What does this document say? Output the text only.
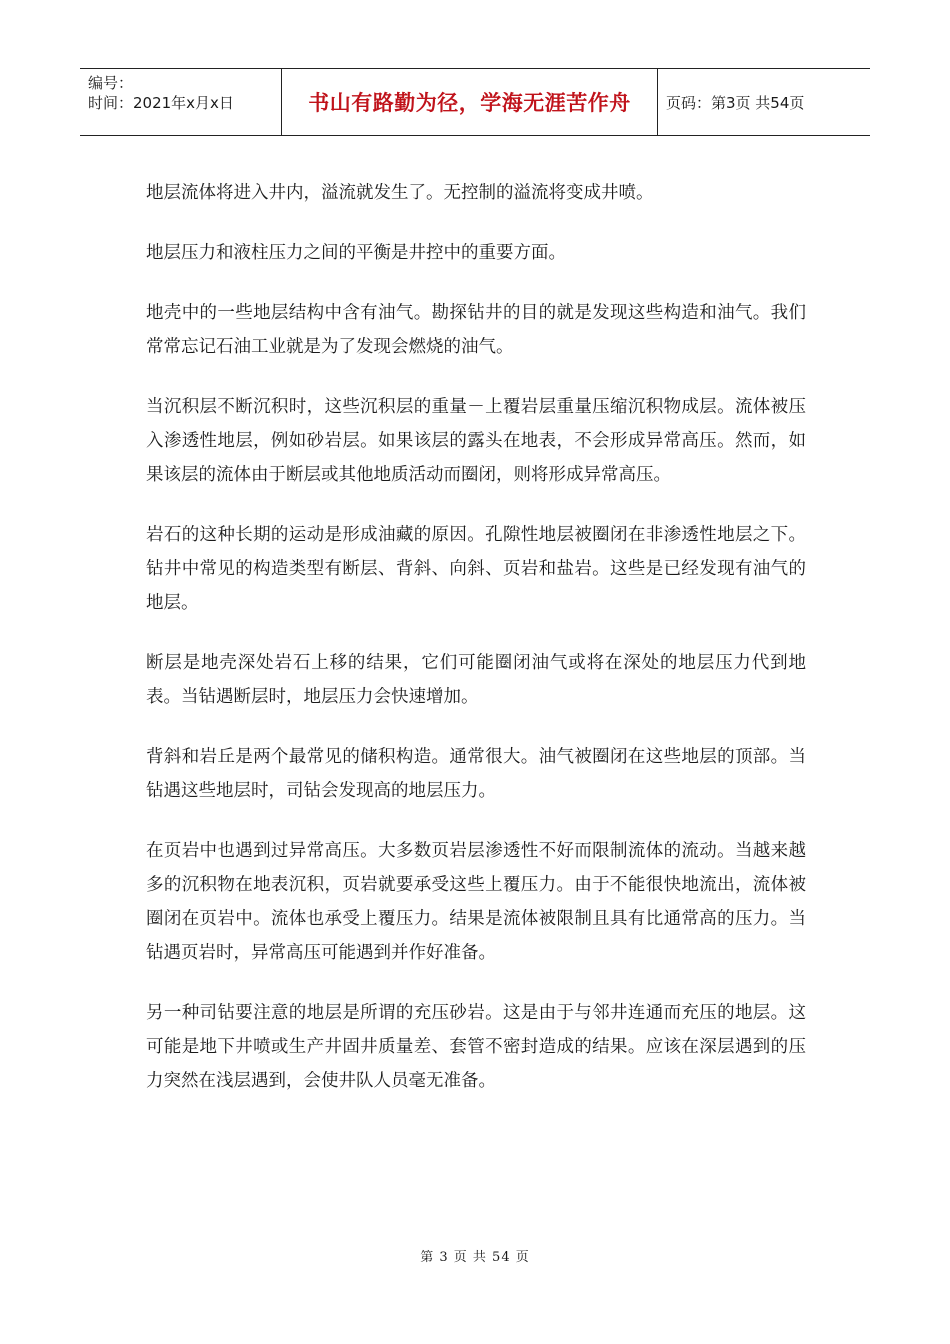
编号：
时间：2021年x月x日	书山有路勤为径，学海无涯苦作舟	页码：第3页 共54页

地层流体将进入井内，溢流就发生了。无控制的溢流将变成井喷。

地层压力和液柱压力之间的平衡是井控中的重要方面。

地壳中的一些地层结构中含有油气。勘探钻井的目的就是发现这些构造和油气。我们常常忘记石油工业就是为了发现会燃烧的油气。

当沉积层不断沉积时，这些沉积层的重量－上覆岩层重量压缩沉积物成层。流体被压入渗透性地层，例如砂岩层。如果该层的露头在地表，不会形成异常高压。然而，如果该层的流体由于断层或其他地质活动而圈闭，则将形成异常高压。

岩石的这种长期的运动是形成油藏的原因。孔隙性地层被圈闭在非渗透性地层之下。钻井中常见的构造类型有断层、背斜、向斜、页岩和盐岩。这些是已经发现有油气的地层。

断层是地壳深处岩石上移的结果，它们可能圈闭油气或将在深处的地层压力代到地表。当钻遇断层时，地层压力会快速增加。

背斜和岩丘是两个最常见的储积构造。通常很大。油气被圈闭在这些地层的顶部。当钻遇这些地层时，司钻会发现高的地层压力。

在页岩中也遇到过异常高压。大多数页岩层渗透性不好而限制流体的流动。当越来越多的沉积物在地表沉积，页岩就要承受这些上覆压力。由于不能很快地流出，流体被圈闭在页岩中。流体也承受上覆压力。结果是流体被限制且具有比通常高的压力。当钻遇页岩时，异常高压可能遇到并作好准备。

另一种司钻要注意的地层是所谓的充压砂岩。这是由于与邻井连通而充压的地层。这可能是地下井喷或生产井固井质量差、套管不密封造成的结果。应该在深层遇到的压力突然在浅层遇到，会使井队人员毫无准备。

第 3 页 共 54 页
